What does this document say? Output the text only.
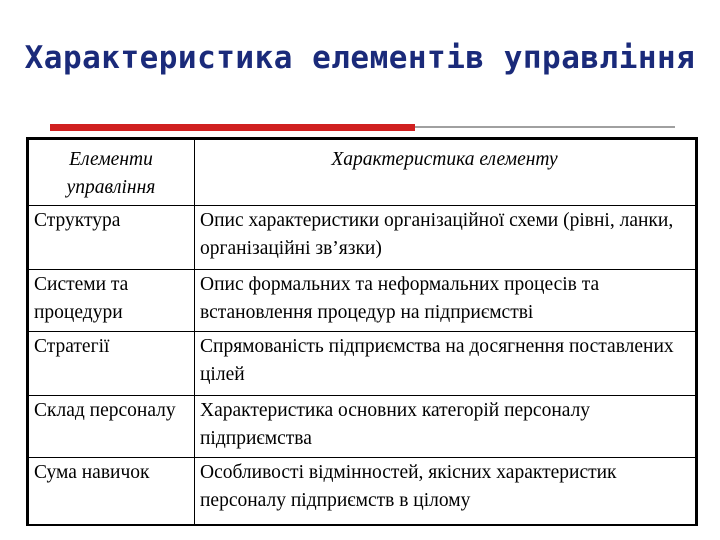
Характеристика елементів управління
Елементи управління	Характеристика елементу
Структура	Опис характеристики організаційної схеми (рівні, ланки, організаційні зв’язки)
Системи та процедури	Опис формальних та неформальних процесів та встановлення процедур на підприємстві
Стратегії	Спрямованість підприємства на досягнення поставлених цілей
Склад персоналу	Характеристика основних категорій персоналу підприємства
Сума навичок	Особливості відмінностей, якісних характеристик персоналу підприємств в цілому
